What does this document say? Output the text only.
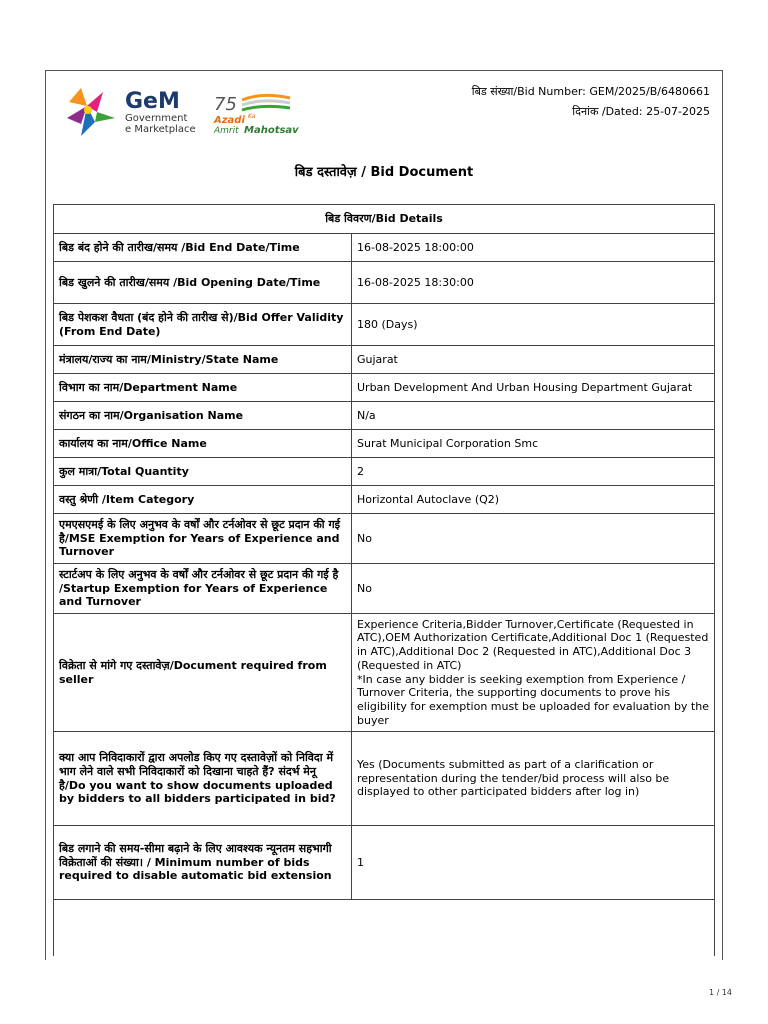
GeM
Government
e Marketplace
75
Azadi Ka
Amrit Mahotsav
बिड संख्या/Bid Number: GEM/2025/B/6480661
दिनांक /Dated: 25-07-2025
बिड दस्तावेज़ / Bid Document
बिड विवरण/Bid Details	
बिड बंद होने की तारीख/समय /Bid End Date/Time	16-08-2025 18:00:00
बिड खुलने की तारीख/समय /Bid Opening Date/Time	16-08-2025 18:30:00
बिड पेशकश वैधता (बंद होने की तारीख से)/Bid Offer Validity (From End Date)	180 (Days)
मंत्रालय/राज्य का नाम/Ministry/State Name	Gujarat
विभाग का नाम/Department Name	Urban Development And Urban Housing Department Gujarat
संगठन का नाम/Organisation Name	N/a
कार्यालय का नाम/Office Name	Surat Municipal Corporation Smc
कुल मात्रा/Total Quantity	2
वस्तु श्रेणी /Item Category	Horizontal Autoclave (Q2)
एमएसएमई के लिए अनुभव के वर्षों और टर्नओवर से छूट प्रदान की गई है/MSE Exemption for Years of Experience and Turnover	No
स्टार्टअप के लिए अनुभव के वर्षों और टर्नओवर से छूट प्रदान की गई है /Startup Exemption for Years of Experience and Turnover	No
विक्रेता से मांगे गए दस्तावेज़/Document required from seller	Experience Criteria,Bidder Turnover,Certificate (Requested in ATC),OEM Authorization Certificate,Additional Doc 1 (Requested in ATC),Additional Doc 2 (Requested in ATC),Additional Doc 3 (Requested in ATC)
*In case any bidder is seeking exemption from Experience / Turnover Criteria, the supporting documents to prove his eligibility for exemption must be uploaded for evaluation by the buyer
क्या आप निविदाकारों द्वारा अपलोड किए गए दस्तावेज़ों को निविदा में भाग लेने वाले सभी निविदाकारों को दिखाना चाहते हैं? संदर्भ मेनू है/Do you want to show documents uploaded by bidders to all bidders participated in bid?	Yes (Documents submitted as part of a clarification or representation during the tender/bid process will also be displayed to other participated bidders after log in)
बिड लगाने की समय-सीमा बढ़ाने के लिए आवश्यक न्यूनतम सहभागी विक्रेताओं की संख्या। / Minimum number of bids required to disable automatic bid extension	1

1 / 14
